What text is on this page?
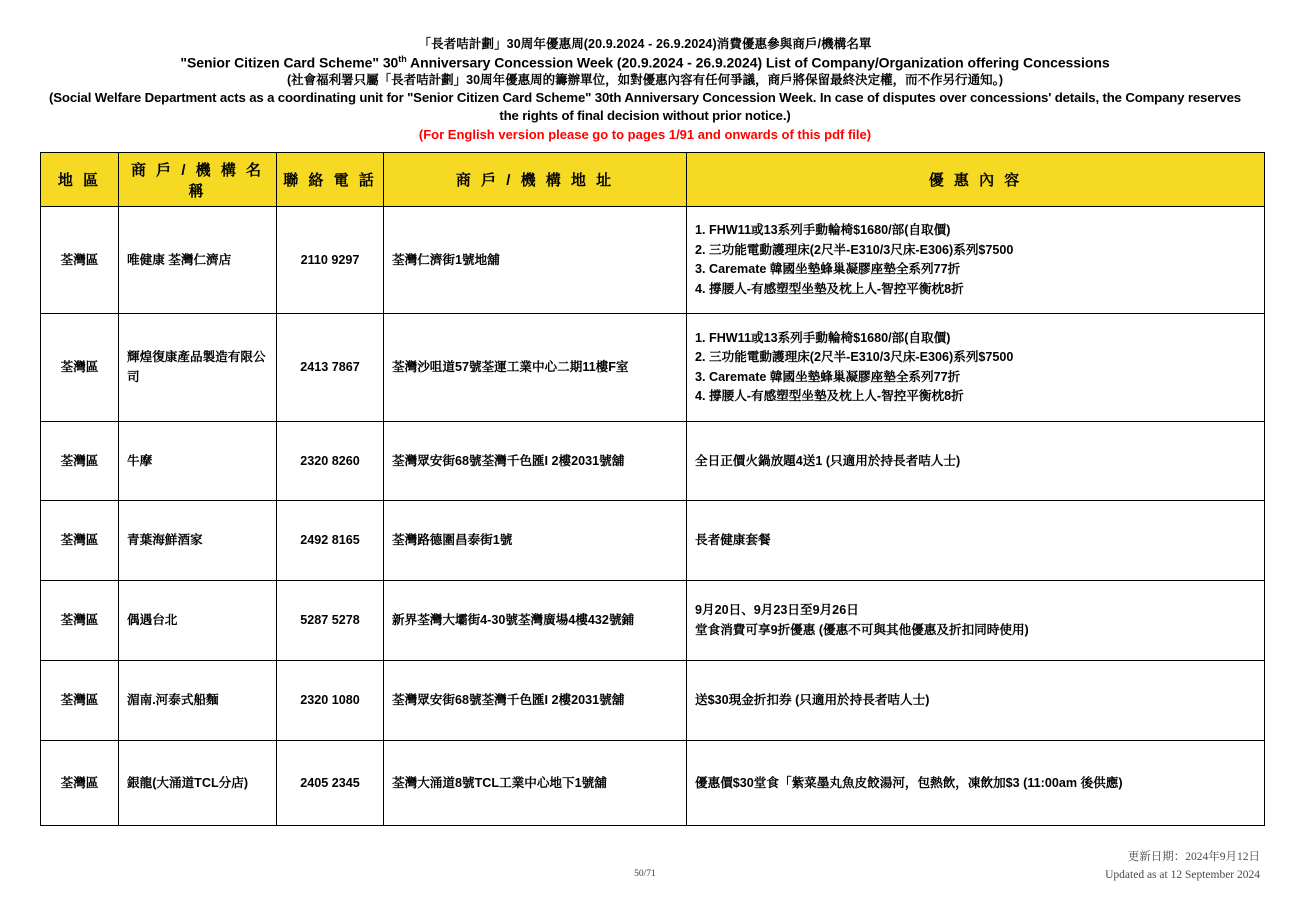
「長者咭計劃」30周年優惠周(20.9.2024 - 26.9.2024)消費優惠參與商戶/機構名單
"Senior Citizen Card Scheme" 30th Anniversary Concession Week (20.9.2024 - 26.9.2024) List of Company/Organization offering Concessions
(社會福利署只屬「長者咭計劃」30周年優惠周的籌辦單位，如對優惠內容有任何爭議，商戶將保留最終決定權，而不作另行通知。)
(Social Welfare Department acts as a coordinating unit for "Senior Citizen Card Scheme" 30th Anniversary Concession Week. In case of disputes over concessions' details, the Company reserves the rights of final decision without prior notice.)
(For English version please go to pages 1/91 and onwards of this pdf file)
地 區	商 戶 / 機 構 名 稱	聯 絡 電 話	商 戶 / 機 構 地 址	優 惠 內 容
荃灣區	唯健康 荃灣仁濟店	2110 9297	荃灣仁濟街1號地舖	1. FHW11或13系列手動輪椅$1680/部(自取價)
2. 三功能電動護理床(2尺半-E310/3尺床-E306)系列$7500
3. Caremate 韓國坐墊蜂巢凝膠座墊全系列77折
4. 撐腰人-有感塑型坐墊及枕上人-智控平衡枕8折

荃灣區	輝煌復康產品製造有限公司	2413 7867	荃灣沙咀道57號荃運工業中心二期11樓F室	1. FHW11或13系列手動輪椅$1680/部(自取價)
2. 三功能電動護理床(2尺半-E310/3尺床-E306)系列$7500
3. Caremate 韓國坐墊蜂巢凝膠座墊全系列77折
4. 撐腰人-有感塑型坐墊及枕上人-智控平衡枕8折

荃灣區	牛摩	2320 8260	荃灣眾安街68號荃灣千色匯I 2樓2031號舖	全日正價火鍋放題4送1 (只適用於持長者咭人士)

荃灣區	青葉海鮮酒家	2492 8165	荃灣路德圍昌泰街1號	長者健康套餐

荃灣區	偶遇台北	5287 5278	新界荃灣大壩街4-30號荃灣廣場4樓432號鋪	9月20日、9月23日至9月26日
堂食消費可享9折優惠 (優惠不可與其他優惠及折扣同時使用)

荃灣區	湄南.河泰式船麵	2320 1080	荃灣眾安街68號荃灣千色匯I 2樓2031號舖	送$30現金折扣券 (只適用於持長者咭人士)

荃灣區	銀龍(大涌道TCL分店)	2405 2345	荃灣大涌道8號TCL工業中心地下1號舖	優惠價$30堂食「紫菜墨丸魚皮餃湯河，包熱飲，凍飲加$3 (11:00am 後供應)
50/71
更新日期：2024年9月12日
Updated as at 12 September 2024
